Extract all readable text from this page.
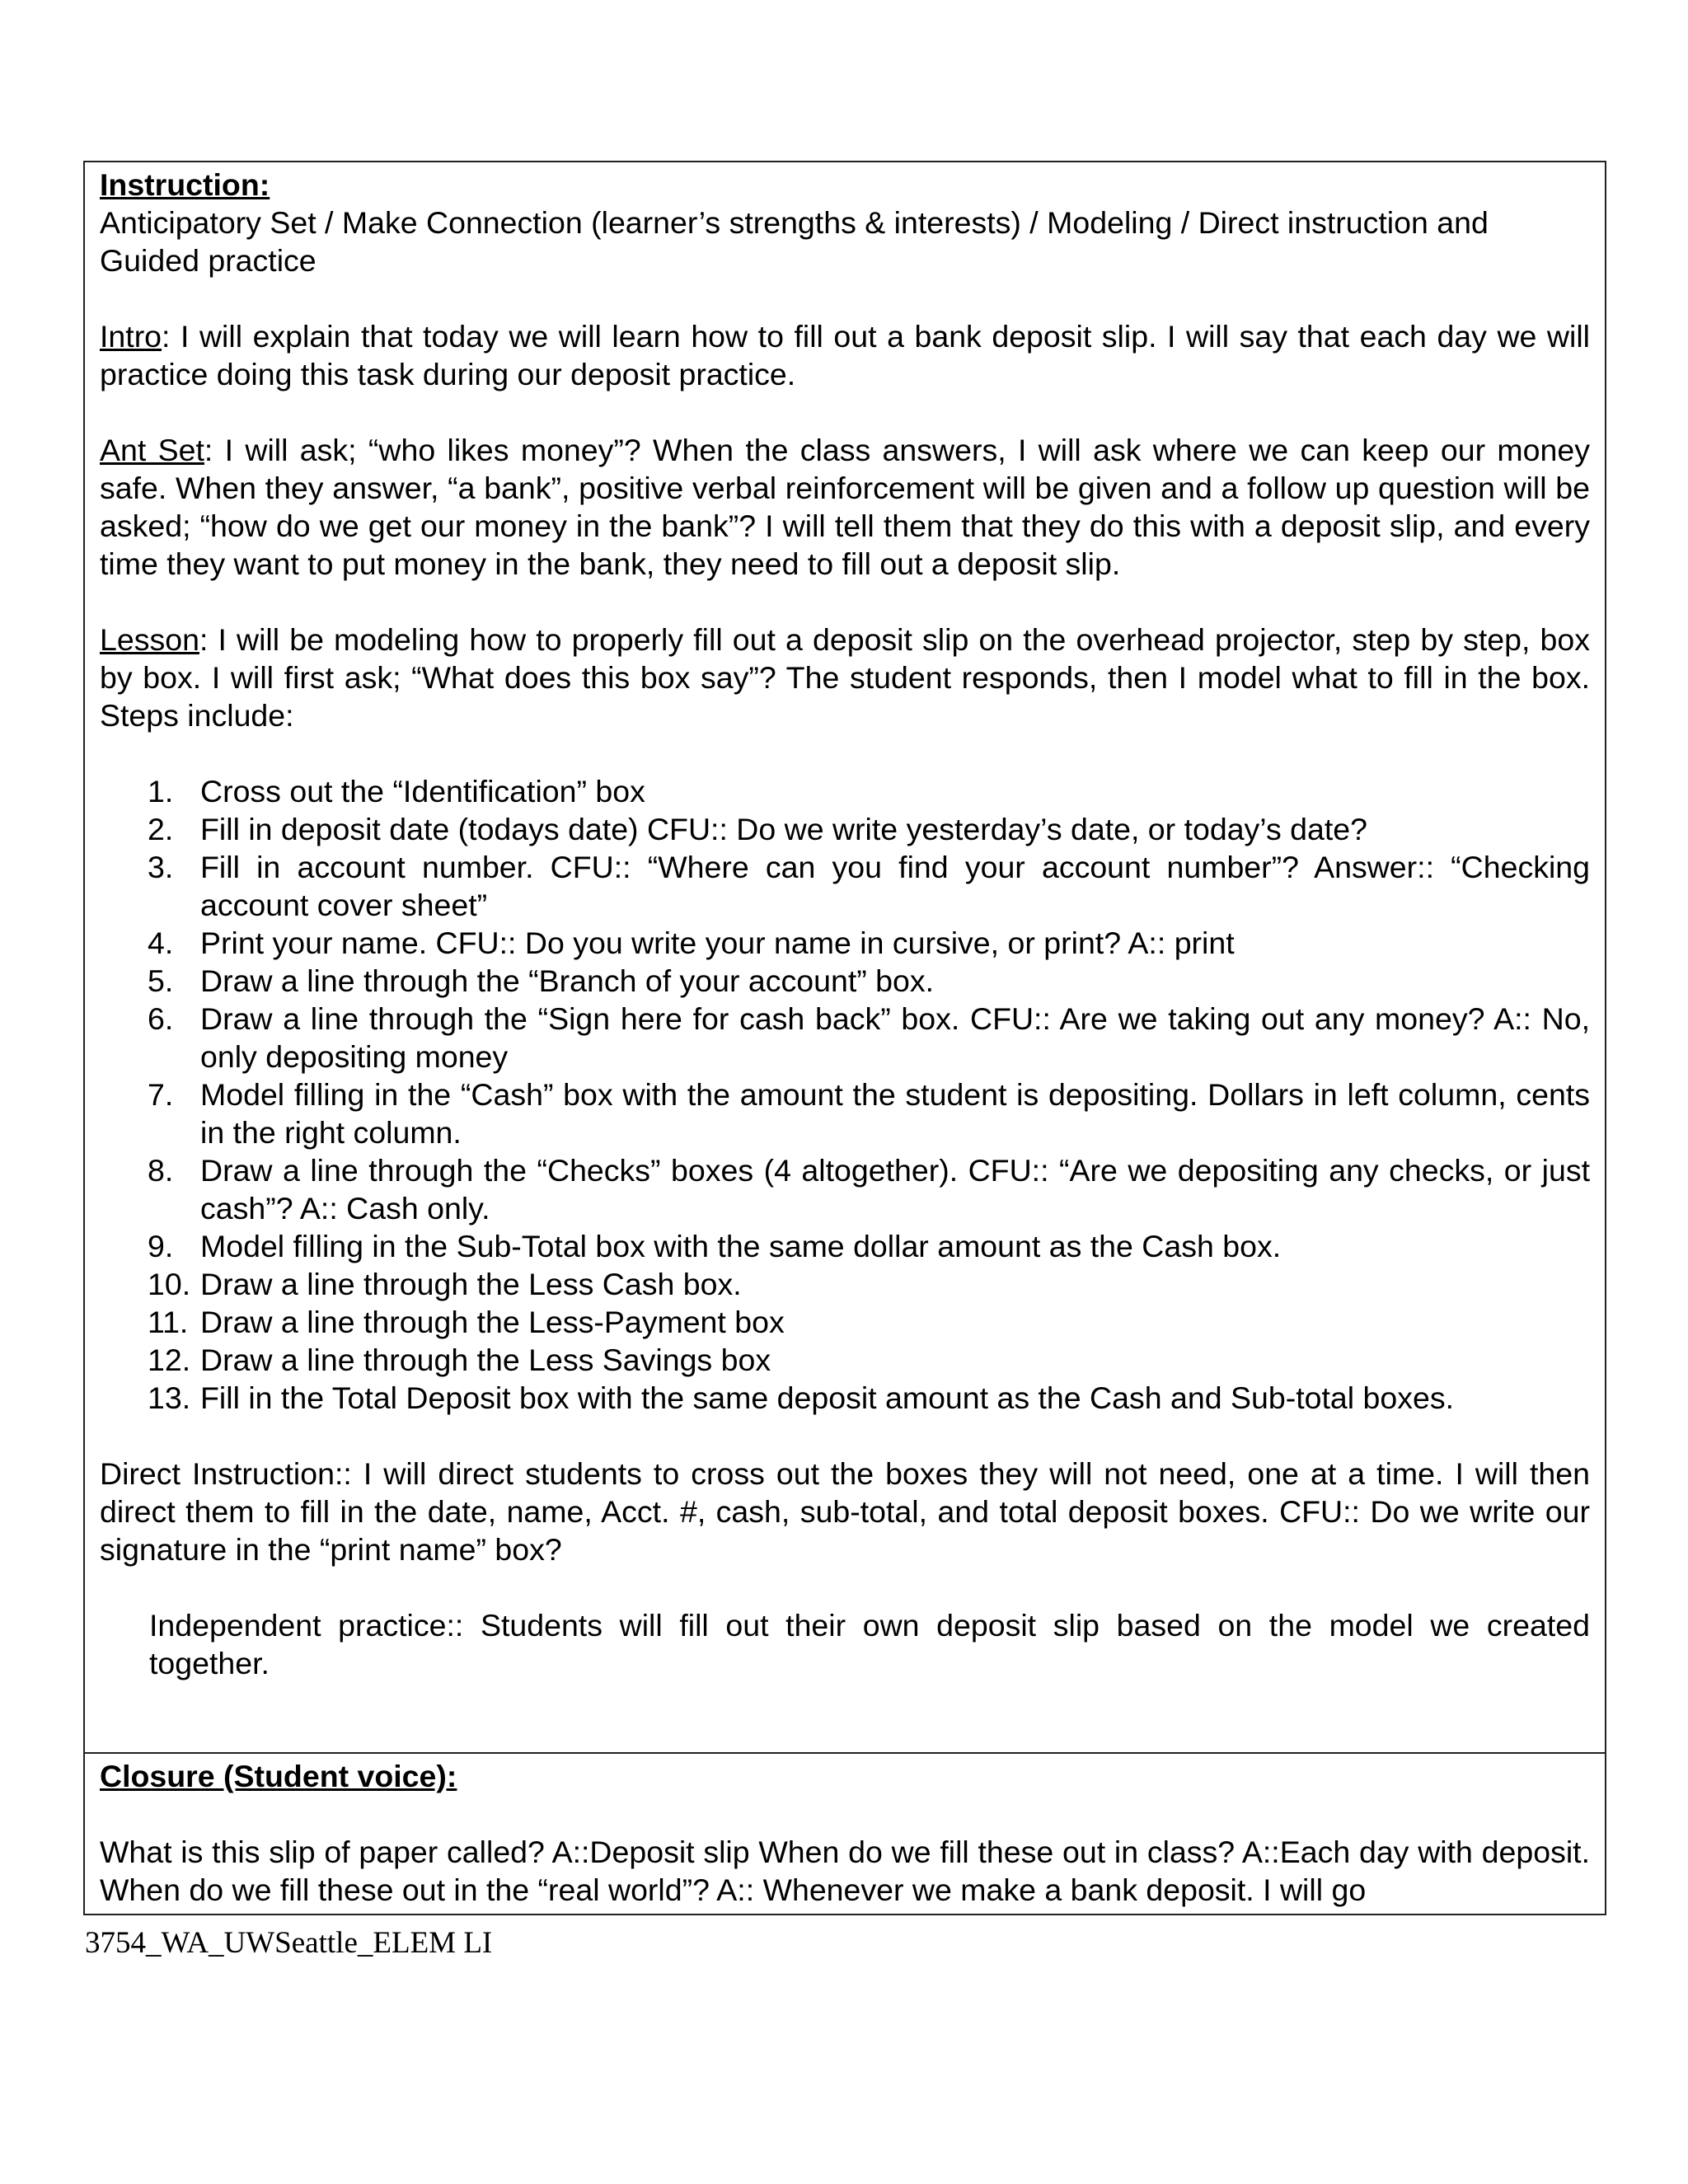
Instruction:
Anticipatory Set / Make Connection (learner’s strengths & interests) / Modeling / Direct instruction and Guided practice
Intro: I will explain that today we will learn how to fill out a bank deposit slip. I will say that each day we will practice doing this task during our deposit practice.
Ant Set: I will ask; “who likes money”? When the class answers, I will ask where we can keep our money safe. When they answer, “a bank”, positive verbal reinforcement will be given and a follow up question will be asked; “how do we get our money in the bank”? I will tell them that they do this with a deposit slip, and every time they want to put money in the bank, they need to fill out a deposit slip.
Lesson: I will be modeling how to properly fill out a deposit slip on the overhead projector, step by step, box by box. I will first ask; “What does this box say”? The student responds, then I model what to fill in the box. Steps include:
1. Cross out the “Identification” box
2. Fill in deposit date (todays date) CFU:: Do we write yesterday’s date, or today’s date?
3. Fill in account number. CFU:: “Where can you find your account number”? Answer:: “Checking account cover sheet”
4. Print your name. CFU:: Do you write your name in cursive, or print? A:: print
5. Draw a line through the “Branch of your account” box.
6. Draw a line through the “Sign here for cash back” box. CFU:: Are we taking out any money? A:: No, only depositing money
7. Model filling in the “Cash” box with the amount the student is depositing. Dollars in left column, cents in the right column.
8. Draw a line through the “Checks” boxes (4 altogether). CFU:: “Are we depositing any checks, or just cash”? A:: Cash only.
9. Model filling in the Sub-Total box with the same dollar amount as the Cash box.
10. Draw a line through the Less Cash box.
11. Draw a line through the Less-Payment box
12. Draw a line through the Less Savings box
13. Fill in the Total Deposit box with the same deposit amount as the Cash and Sub-total boxes.
Direct Instruction:: I will direct students to cross out the boxes they will not need, one at a time. I will then direct them to fill in the date, name, Acct. #, cash, sub-total, and total deposit boxes. CFU:: Do we write our signature in the “print name” box?
Independent practice:: Students will fill out their own deposit slip based on the model we created together.
Closure (Student voice):
What is this slip of paper called? A::Deposit slip When do we fill these out in class? A::Each day with deposit. When do we fill these out in the “real world”? A:: Whenever we make a bank deposit. I will go
3754_WA_UWSeattle_ELEM LI
